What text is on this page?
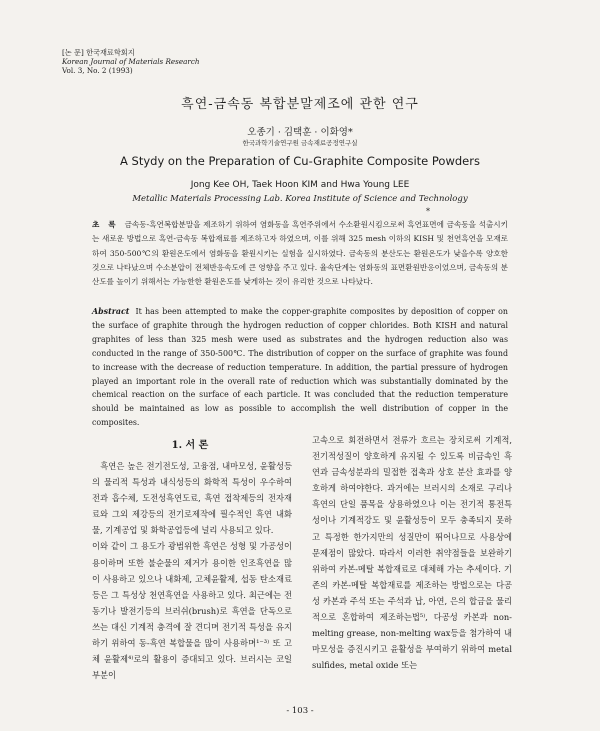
[논 문] 한국재료학회지
Korean Journal of Materials Research
Vol. 3, No. 2 (1993)
흑연-금속동 복합분말제조에 관한 연구
오종기 · 김택훈 · 이화영*
한국과학기술연구원 금속재료공정연구실
A Stydy on the Preparation of Cu-Graphite Composite Powders
Jong Kee OH, Taek Hoon KIM and Hwa Young LEE
Metallic Materials Processing Lab. Korea Institute of Science and Technology
*
초 록 금속동-흑연복합분말을 제조하기 위하여 염화동을 흑연주위에서 수소환원시킴으로써 흑연표면에 금속동을 석출시키는 새로운 방법으로 흑연-금속동 복합재료를 제조하고자 하였으며, 이를 위해 325 mesh 이하의 KISH 및 천연흑연을 모재로 하여 350-500℃의 환원온도에서 염화동을 환원시키는 실험을 실시하였다. 금속동의 분산도는 환원온도가 낮을수록 양호한 것으로 나타났으며 수소분압이 전체반응속도에 큰 영향을 주고 있다. 율속단계는 염화동의 표면환원반응이었으며, 금속동의 분산도를 높이기 위해서는 가능한한 환원온도를 낮게하는 것이 유리한 것으로 나타났다.
Abstract It has been attempted to make the copper-graphite composites by deposition of copper on the surface of graphite through the hydrogen reduction of copper chlorides. Both KISH and natural graphites of less than 325 mesh were used as substrates and the hydrogen reduction also was conducted in the range of 350-500℃. The distribution of copper on the surface of graphite was found to increase with the decrease of reduction temperature. In addition, the partial pressure of hydrogen played an important role in the overall rate of reduction which was substantially dominated by the chemical reaction on the surface of each particle. It was concluded that the reduction temperature should be maintained as low as possible to accomplish the well distribution of copper in the composites.
1. 서 론

흑연은 높은 전기전도성, 고융점, 내마모성, 윤활성등의 물리적 특성과 내식성등의 화학적 특성이 우수하여 전과 흡수체, 도전성흑연도료, 흑연 접착제등의 전자재료와 그외 제강등의 전기로제작에 필수적인 흑연 내화물, 기계공업 및 화학공업등에 널리 사용되고 있다.

이와 같이 그 용도가 광범위한 흑연은 성형 및 가공성이 용이하며 또한 불순물의 제거가 용이한 인조흑연을 많이 사용하고 있으나 내화제, 고체윤활제, 섭동 탄소재료등은 그 특성상 천연흑연을 사용하고 있다. 최근에는 전동기나 발전기등의 브러쉬(brush)로 흑연을 단독으로 쓰는 대신 기계적 충격에 잘 견디며 전기적 특성을 유지하기 위하여 동-흑연 복합물을 많이 사용하며¹⁻³⁾ 또 고체 윤활제⁴⁾로의 활용이 증대되고 있다. 브러시는 코일 부분이

고속으로 회전하면서 전류가 흐르는 장치로써 기계적, 전기적성질이 양호하게 유지될 수 있도록 비금속인 흑연과 금속성분과의 밀접한 접촉과 상호 분산 효과를 양호하게 하여야한다. 과거에는 브러시의 소재로 구리나 흑연의 단일 품목을 상용하였으나 이는 전기적 통전특성이나 기계적강도 및 윤활성등이 모두 충족되지 못하고 특정한 한가지만의 성질만이 뛰어나므로 사용상에 문제점이 많았다. 따라서 이러한 취약점들을 보완하기 위하여 카본-메탈 복합재료로 대체해 가는 추세이다. 기존의 카본-메탈 복합재료를 제조하는 방법으로는 다공성 카본과 주석 또는 주석과 납, 아연, 은의 합금을 물리적으로 혼합하여 제조하는법⁵⁾, 다공성 카본과 non-melting grease, non-melting wax등을 첨가하여 내마모성을 증진시키고 윤활성을 부여하기 위하여 metal sulfides, metal oxide 또는

- 103 -
